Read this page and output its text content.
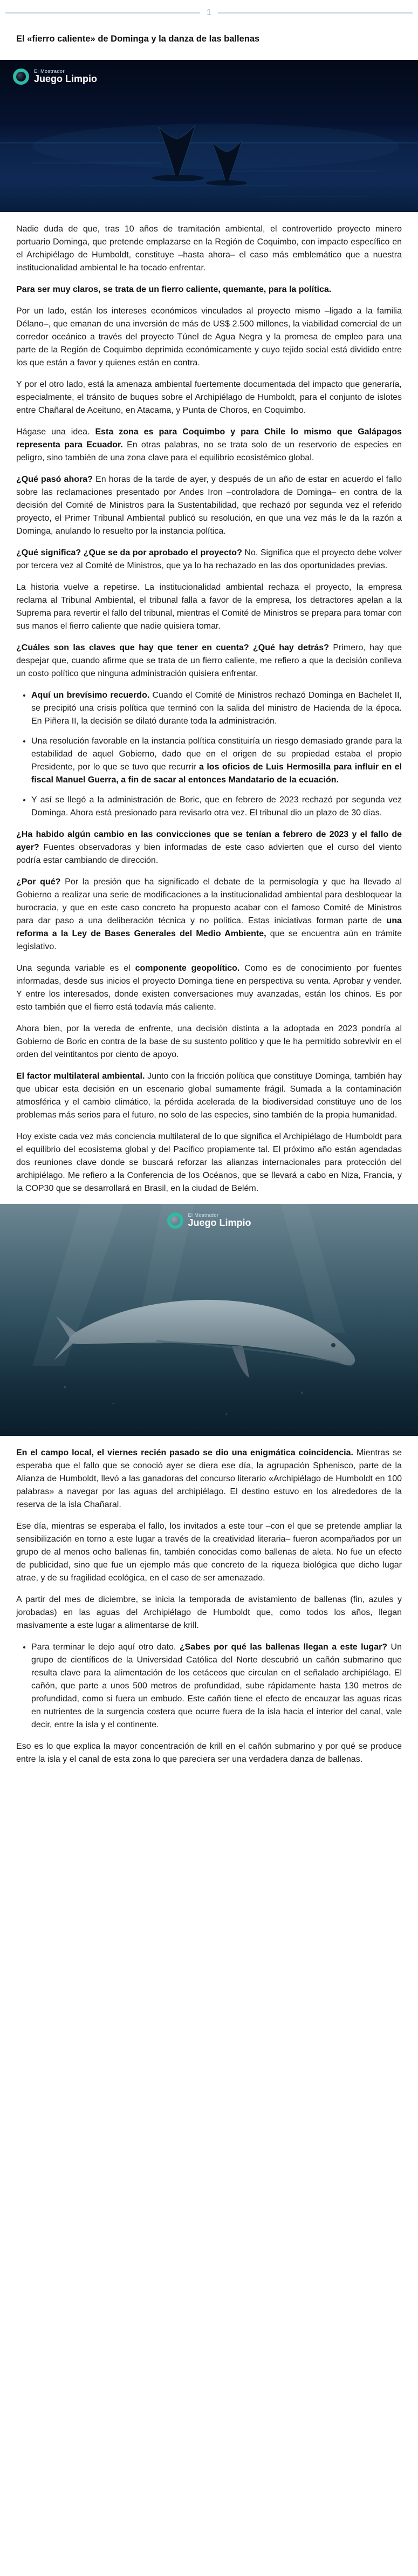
1
El «fierro caliente» de Dominga y la danza de las ballenas
El Mostrador
Juego Limpio

Nadie duda de que, tras 10 años de tramitación ambiental, el controvertido proyecto minero portuario Dominga, que pretende emplazarse en la Región de Coquimbo, con impacto específico en el Archipiélago de Humboldt, constituye –hasta ahora– el caso más emblemático que a nuestra institucionalidad ambiental le ha tocado enfrentar.

Para ser muy claros, se trata de un fierro caliente, quemante, para la política.

Por un lado, están los intereses económicos vinculados al proyecto mismo –ligado a la familia Délano–, que emanan de una inversión de más de US$ 2.500 millones, la viabilidad comercial de un corredor oceánico a través del proyecto Túnel de Agua Negra y la promesa de empleo para una parte de la Región de Coquimbo deprimida económicamente y cuyo tejido social está dividido entre los que están a favor y quienes están en contra.

Y por el otro lado, está la amenaza ambiental fuertemente documentada del impacto que generaría, especialmente, el tránsito de buques sobre el Archipiélago de Humboldt, para el conjunto de islotes entre Chañaral de Aceituno, en Atacama, y Punta de Choros, en Coquimbo.

Hágase una idea. Esta zona es para Coquimbo y para Chile lo mismo que Galápagos representa para Ecuador. En otras palabras, no se trata solo de un reservorio de especies en peligro, sino también de una zona clave para el equilibrio ecosistémico global.

¿Qué pasó ahora? En horas de la tarde de ayer, y después de un año de estar en acuerdo el fallo sobre las reclamaciones presentado por Andes Iron –controladora de Dominga– en contra de la decisión del Comité de Ministros para la Sustentabilidad, que rechazó por segunda vez el referido proyecto, el Primer Tribunal Ambiental publicó su resolución, en que una vez más le da la razón a Dominga, anulando lo resuelto por la instancia política.

¿Qué significa? ¿Que se da por aprobado el proyecto? No. Significa que el proyecto debe volver por tercera vez al Comité de Ministros, que ya lo ha rechazado en las dos oportunidades previas.

La historia vuelve a repetirse. La institucionalidad ambiental rechaza el proyecto, la empresa reclama al Tribunal Ambiental, el tribunal falla a favor de la empresa, los detractores apelan a la Suprema para revertir el fallo del tribunal, mientras el Comité de Ministros se prepara para tomar con sus manos el fierro caliente que nadie quisiera tomar.

¿Cuáles son las claves que hay que tener en cuenta? ¿Qué hay detrás? Primero, hay que despejar que, cuando afirme que se trata de un fierro caliente, me refiero a que la decisión conlleva un costo político que ninguna administración quisiera enfrentar.

• Aquí un brevísimo recuerdo. Cuando el Comité de Ministros rechazó Dominga en Bachelet II, se precipitó una crisis política que terminó con la salida del ministro de Hacienda de la época. En Piñera II, la decisión se dilató durante toda la administración.
• Una resolución favorable en la instancia política constituiría un riesgo demasiado grande para la estabilidad de aquel Gobierno, dado que en el origen de su propiedad estaba el propio Presidente, por lo que se tuvo que recurrir a los oficios de Luis Hermosilla para influir en el fiscal Manuel Guerra, a fin de sacar al entonces Mandatario de la ecuación.
• Y así se llegó a la administración de Boric, que en febrero de 2023 rechazó por segunda vez Dominga. Ahora está presionado para revisarlo otra vez. El tribunal dio un plazo de 30 días.

¿Ha habido algún cambio en las convicciones que se tenían a febrero de 2023 y el fallo de ayer? Fuentes observadoras y bien informadas de este caso advierten que el curso del viento podría estar cambiando de dirección.

¿Por qué? Por la presión que ha significado el debate de la permisología y que ha llevado al Gobierno a realizar una serie de modificaciones a la institucionalidad ambiental para desbloquear la burocracia, y que en este caso concreto ha propuesto acabar con el famoso Comité de Ministros para dar paso a una deliberación técnica y no política. Estas iniciativas forman parte de una reforma a la Ley de Bases Generales del Medio Ambiente, que se encuentra aún en trámite legislativo.

Una segunda variable es el componente geopolítico. Como es de conocimiento por fuentes informadas, desde sus inicios el proyecto Dominga tiene en perspectiva su venta. Aprobar y vender. Y entre los interesados, donde existen conversaciones muy avanzadas, están los chinos. Es por esto también que el fierro está todavía más caliente.

Ahora bien, por la vereda de enfrente, una decisión distinta a la adoptada en 2023 pondría al Gobierno de Boric en contra de la base de su sustento político y que le ha permitido sobrevivir en el orden del veintitantos por ciento de apoyo.

El factor multilateral ambiental. Junto con la fricción política que constituye Dominga, también hay que ubicar esta decisión en un escenario global sumamente frágil. Sumada a la contaminación atmosférica y el cambio climático, la pérdida acelerada de la biodiversidad constituye uno de los problemas más serios para el futuro, no solo de las especies, sino también de la propia humanidad.

Hoy existe cada vez más conciencia multilateral de lo que significa el Archipiélago de Humboldt para el equilibrio del ecosistema global y del Pacífico propiamente tal. El próximo año están agendadas dos reuniones clave donde se buscará reforzar las alianzas internacionales para protección del archipiélago. Me refiero a la Conferencia de los Océanos, que se llevará a cabo en Niza, Francia, y la COP30 que se desarrollará en Brasil, en la ciudad de Belém.

El Mostrador
Juego Limpio

En el campo local, el viernes recién pasado se dio una enigmática coincidencia. Mientras se esperaba que el fallo que se conoció ayer se diera ese día, la agrupación Sphenisco, parte de la Alianza de Humboldt, llevó a las ganadoras del concurso literario «Archipiélago de Humboldt en 100 palabras» a navegar por las aguas del archipiélago. El destino estuvo en los alrededores de la reserva de la isla Chañaral.

Ese día, mientras se esperaba el fallo, los invitados a este tour –con el que se pretende ampliar la sensibilización en torno a este lugar a través de la creatividad literaria– fueron acompañados por un grupo de al menos ocho ballenas fin, también conocidas como ballenas de aleta. No fue un efecto de publicidad, sino que fue un ejemplo más que concreto de la riqueza biológica que dicho lugar atrae, y de su fragilidad ecológica, en el caso de ser amenazado.

A partir del mes de diciembre, se inicia la temporada de avistamiento de ballenas (fin, azules y jorobadas) en las aguas del Archipiélago de Humboldt que, como todos los años, llegan masivamente a este lugar a alimentarse de krill.

• Para terminar le dejo aquí otro dato. ¿Sabes por qué las ballenas llegan a este lugar? Un grupo de científicos de la Universidad Católica del Norte descubrió un cañón submarino que resulta clave para la alimentación de los cetáceos que circulan en el señalado archipiélago. El cañón, que parte a unos 500 metros de profundidad, sube rápidamente hasta 130 metros de profundidad, como si fuera un embudo. Este cañón tiene el efecto de encauzar las aguas ricas en nutrientes de la surgencia costera que ocurre fuera de la isla hacia el interior del canal, vale decir, entre la isla y el continente.

Eso es lo que explica la mayor concentración de krill en el cañón submarino y por qué se produce entre la isla y el canal de esta zona lo que pareciera ser una verdadera danza de ballenas.
